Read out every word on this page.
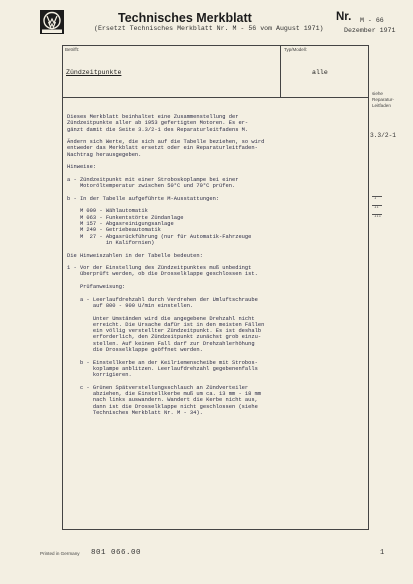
Technisches Merkblatt
(Ersetzt Technisches Merkblatt Nr. M - 56 vom August 1971)
Nr. M - 66
Dezember 1971
Betrifft:	Typ/Modell:
Zündzeitpunkte	alle
siehe
Reparatur-
Leitfaden
3.3/2-1
I
II
III
Dieses Merkblatt beinhaltet eine Zusammenstellung der
Zündzeitpunkte aller ab 1953 gefertigten Motoren. Es er-
gänzt damit die Seite 3.3/2-1 des Reparaturleitfadens M.

Ändern sich Werte, die sich auf die Tabelle beziehen, so wird
entweder das Merkblatt ersetzt oder ein Reparaturleitfaden-
Nachtrag herausgegeben.

Hinweise:

a - Zündzeitpunkt mit einer Stroboskoplampe bei einer
Motoröltemperatur zwischen 50°C und 70°C prüfen.

b - In der Tabelle aufgeführte M-Ausstattungen:

M 009 - Wählautomatik
M 063 - Funkentstörte Zündanlage
M 157 - Abgasreinigungsanlage
M 249 - Getriebeautomatik
M  27 - Abgasrückführung (nur für Automatik-Fahrzeuge
in Kalifornien)

Die Hinweiszahlen in der Tabelle bedeuten:

1 - Vor der Einstellung des Zündzeitpunktes muß unbedingt
überprüft werden, ob die Drosselklappe geschlossen ist.

Prüfanweisung:

a - Leerlaufdrehzahl durch Verdrehen der Umluftschraube
auf 800 - 900 U/min einstellen.

Unter Umständen wird die angegebene Drehzahl nicht
erreicht. Die Ursache dafür ist in den meisten Fällen
ein völlig verstellter Zündzeitpunkt. Es ist deshalb
erforderlich, den Zündzeitpunkt zunächst grob einzu-
stellen. Auf keinen Fall darf zur Drehzahlerhöhung
die Drosselklappe geöffnet werden.

b - Einstellkerbe an der Keilriemenscheibe mit Strobos-
koplampe anblitzen. Leerlaufdrehzahl gegebenenfalls
korrigieren.

c - Grünen Spätverstellungsschlauch an Zündverteiler
abziehen, die Einstellkerbe muß um ca. 13 mm - 18 mm
nach links auswandern. Wandert die Kerbe nicht aus,
dann ist die Drosselklappe nicht geschlossen (siehe
Technisches Merkblatt Nr. M - 34).
Printed in Germany 801 066.00	1
